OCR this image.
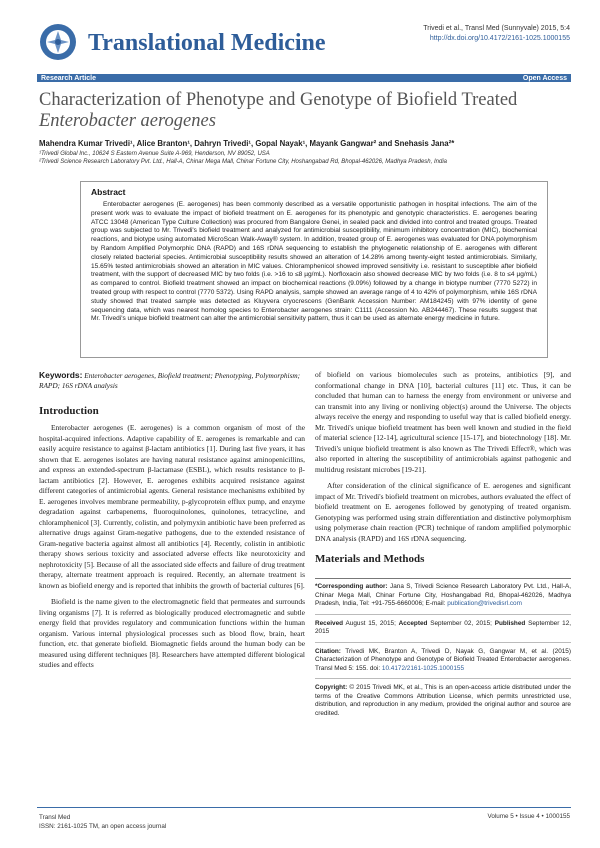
Translational Medicine
Trivedi et al., Transl Med (Sunnyvale) 2015, 5:4
http://dx.doi.org/10.4172/2161-1025.1000155
Research Article	Open Access
Characterization of Phenotype and Genotype of Biofield Treated
Enterobacter aerogenes
Mahendra Kumar Trivedi¹, Alice Branton¹, Dahryn Trivedi¹, Gopal Nayak¹, Mayank Gangwar² and Snehasis Jana²*
¹Trivedi Global Inc., 10624 S Eastern Avenue Suite A-969, Henderson, NV 89052, USA
²Trivedi Science Research Laboratory Pvt. Ltd., Hall-A, Chinar Mega Mall, Chinar Fortune City, Hoshangabad Rd, Bhopal-462026, Madhya Pradesh, India
Abstract

Enterobacter aerogenes (E. aerogenes) has been commonly described as a versatile opportunistic pathogen in hospital infections. The aim of the present work was to evaluate the impact of biofield treatment on E. aerogenes for its phenotypic and genotypic characteristics. E. aerogenes bearing ATCC 13048 (American Type Culture Collection) was procured from Bangalore Genei, in sealed pack and divided into control and treated groups. Treated group was subjected to Mr. Trivedi's biofield treatment and analyzed for antimicrobial susceptibility, minimum inhibitory concentration (MIC), biochemical reactions, and biotype using automated MicroScan Walk-Away® system. In addition, treated group of E. aerogenes was evaluated for DNA polymorphism by Random Amplified Polymorphic DNA (RAPD) and 16S rDNA sequencing to establish the phylogenetic relationship of E. aerogenes with different closely related bacterial species. Antimicrobial susceptibility results showed an alteration of 14.28% among twenty-eight tested antimicrobials. Similarly, 15.65% tested antimicrobials showed an alteration in MIC values. Chloramphenicol showed improved sensitivity i.e. resistant to susceptible after biofield treatment, with the support of decreased MIC by two folds (i.e. >16 to ≤8 µg/mL). Norfloxacin also showed decrease MIC by two folds (i.e. 8 to ≤4 µg/mL) as compared to control. Biofield treatment showed an impact on biochemical reactions (9.09%) followed by a change in biotype number (7770 5272) in treated group with respect to control (7770 5372). Using RAPD analysis, sample showed an average range of 4 to 42% of polymorphism, while 16S rDNA study showed that treated sample was detected as Kluyvera cryocrescens (GenBank Accession Number: AM184245) with 97% identity of gene sequencing data, which was nearest homolog species to Enterobacter aerogenes strain: C1111 (Accession No. AB244467). These results suggest that Mr. Trivedi's unique biofield treatment can alter the antimicrobial sensitivity pattern, thus it can be used as alternate energy medicine in future.

Keywords: Enterobacter aerogenes, Biofield treatment; Phenotyping, Polymorphism; RAPD; 16S rDNA analysis
Introduction

Enterobacter aerogenes (E. aerogenes) is a common organism of most of the hospital-acquired infections. Adaptive capability of E. aerogenes is remarkable and can easily acquire resistance to against β-lactam antibiotics [1]. During last five years, it has shown that E. aerogenes isolates are having natural resistance against aminopenicillins, and express an extended-spectrum β-lactamase (ESBL), which results resistance to β-lactam antibiotics [2]. However, E. aerogenes exhibits acquired resistance against different categories of antimicrobial agents. General resistance mechanisms exhibited by E. aerogenes involves membrane permeability, p-glycoprotein efflux pump, and enzyme degradation against carbapenems, fluoroquinolones, quinolones, tetracycline, and chloramphenicol [3]. Currently, colistin, and polymyxin antibiotic have been preferred as alternative drugs against Gram-negative pathogens, due to the extended resistance of Gram-negative bacteria against almost all antibiotics [4]. Recently, colistin in antibiotic therapy shows serious toxicity and associated adverse effects like neurotoxicity and nephrotoxicity [5]. Because of all the associated side effects and failure of drug treatment therapy, alternate treatment approach is required. Recently, an alternate treatment is known as biofield energy and is reported that inhibits the growth of bacterial cultures [6].

Biofield is the name given to the electromagnetic field that permeates and surrounds living organisms [7]. It is referred as biologically produced electromagnetic and subtle energy field that provides regulatory and communication functions within the human organism. Various internal physiological processes such as blood flow, brain, heart function, etc. that generate biofield. Biomagnetic fields around the human body can be measured using different techniques [8]. Researchers have attempted different biological studies and effects

of biofield on various biomolecules such as proteins, antibiotics [9], and conformational change in DNA [10], bacterial cultures [11] etc. Thus, it can be concluded that human can to harness the energy from environment or universe and can transmit into any living or nonliving object(s) around the Universe. The objects always receive the energy and responding to useful way that is called biofield energy. Mr. Trivedi's unique biofield treatment has been well known and studied in the field of material science [12-14], agricultural science [15-17], and biotechnology [18]. Mr. Trivedi's unique biofield treatment is also known as The Trivedi Effect®, which was also reported in altering the susceptibility of antimicrobials against pathogenic and multidrug resistant microbes [19-21].

After consideration of the clinical significance of E. aerogenes and significant impact of Mr. Trivedi's biofield treatment on microbes, authors evaluated the effect of biofield treatment on E. aerogenes followed by genotyping of treated organism. Genotyping was performed using strain differentiation and distinctive polymorphism using polymerase chain reaction (PCR) technique of random amplified polymorphic DNA analysis (RAPD) and 16S rDNA sequencing.

Materials and Methods

*Corresponding author: Jana S, Trivedi Science Research Laboratory Pvt. Ltd., Hall-A, Chinar Mega Mall, Chinar Fortune City, Hoshangabad Rd, Bhopal-462026, Madhya Pradesh, India, Tel: +91-755-6660006; E-mail: publication@trivedisrl.com

Received August 15, 2015; Accepted September 02, 2015; Published September 12, 2015

Citation: Trivedi MK, Branton A, Trivedi D, Nayak G, Gangwar M, et al. (2015) Characterization of Phenotype and Genotype of Biofield Treated Enterobacter aerogenes. Transl Med 5: 155. doi: 10.4172/2161-1025.1000155

Copyright: © 2015 Trivedi MK, et al., This is an open-access article distributed under the terms of the Creative Commons Attribution License, which permits unrestricted use, distribution, and reproduction in any medium, provided the original author and source are credited.

Transl Med
ISSN: 2161-1025 TM, an open access journal
Volume 5 • Issue 4 • 1000155
